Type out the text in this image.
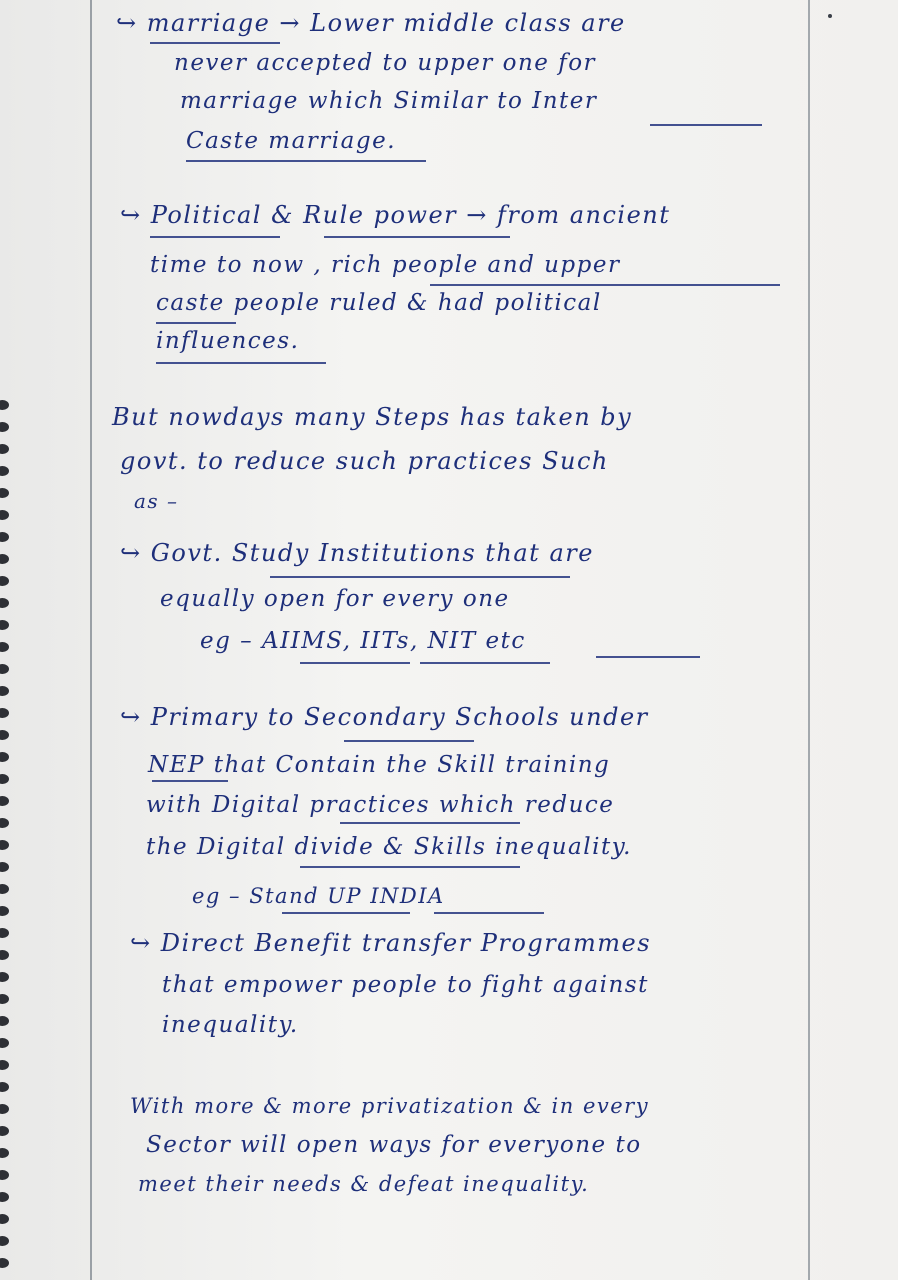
↪ marriage → Lower middle class are
never accepted to upper one for
marriage which Similar to Inter
Caste marriage.
↪ Political & Rule power → from ancient
time to now , rich people and upper
caste people ruled & had political
influences.
But nowdays many Steps has taken by
govt. to reduce such practices Such
as –
↪ Govt. Study Institutions that are
equally open for every one
eg – AIIMS, IITs, NIT etc
↪ Primary to Secondary Schools under
NEP that Contain the Skill training
with Digital practices which reduce
the Digital divide & Skills inequality.
eg – Stand UP INDIA
↪ Direct Benefit transfer Programmes
that empower people to fight against
inequality.
With more & more privatization & in every
Sector will open ways for everyone to
meet their needs & defeat inequality.
